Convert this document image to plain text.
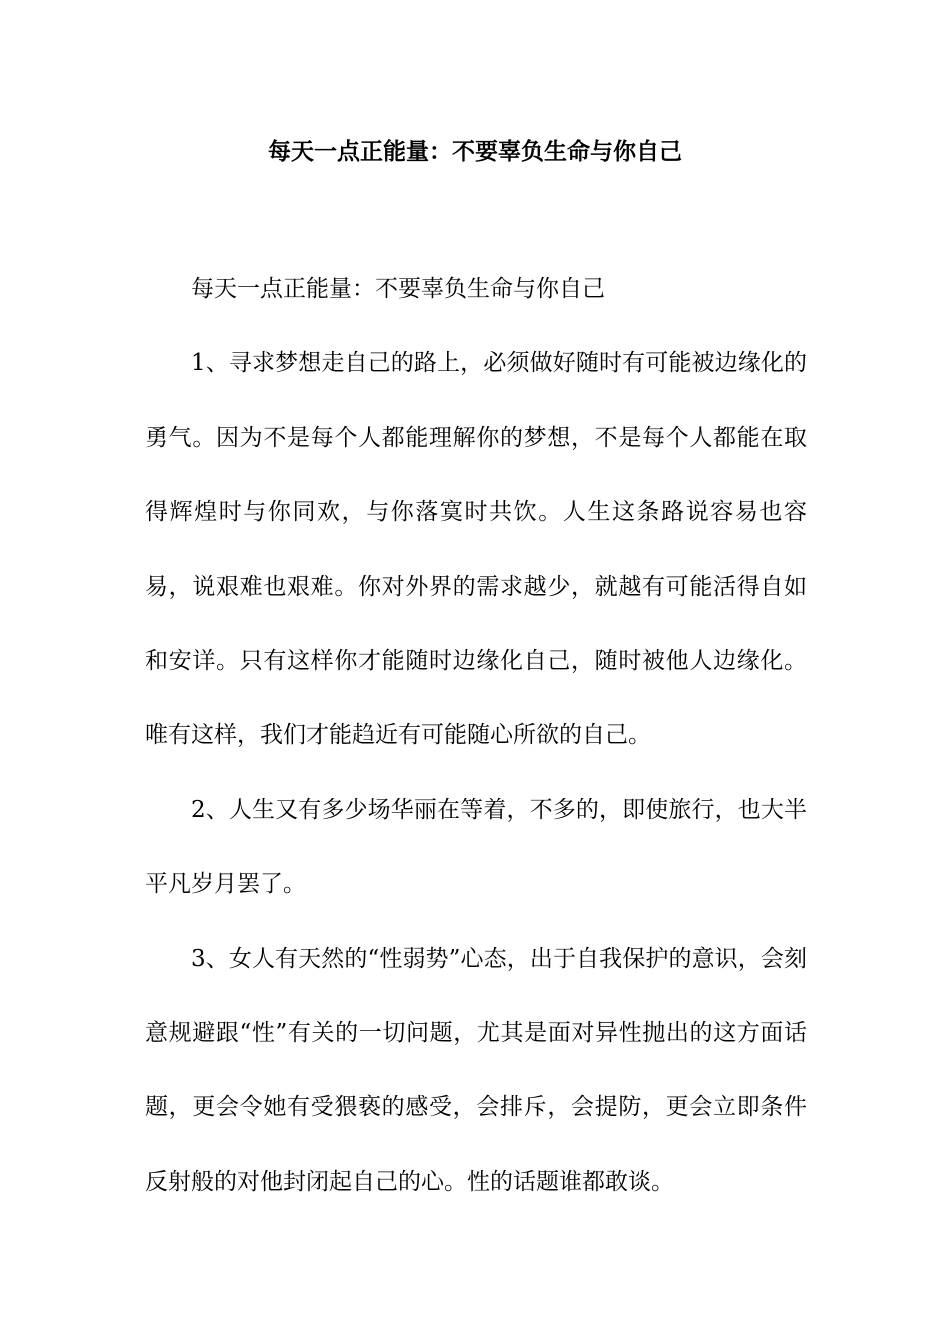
每天一点正能量：不要辜负生命与你自己

每天一点正能量：不要辜负生命与你自己

1、寻求梦想走自己的路上，必须做好随时有可能被边缘化的勇气。因为不是每个人都能理解你的梦想，不是每个人都能在取得辉煌时与你同欢，与你落寞时共饮。人生这条路说容易也容易，说艰难也艰难。你对外界的需求越少，就越有可能活得自如和安详。只有这样你才能随时边缘化自己，随时被他人边缘化。唯有这样，我们才能趋近有可能随心所欲的自己。

2、人生又有多少场华丽在等着，不多的，即使旅行，也大半平凡岁月罢了。

3、女人有天然的“性弱势”心态，出于自我保护的意识，会刻意规避跟“性”有关的一切问题，尤其是面对异性抛出的这方面话题，更会令她有受猥亵的感受，会排斥，会提防，更会立即条件反射般的对他封闭起自己的心。性的话题谁都敢谈。
